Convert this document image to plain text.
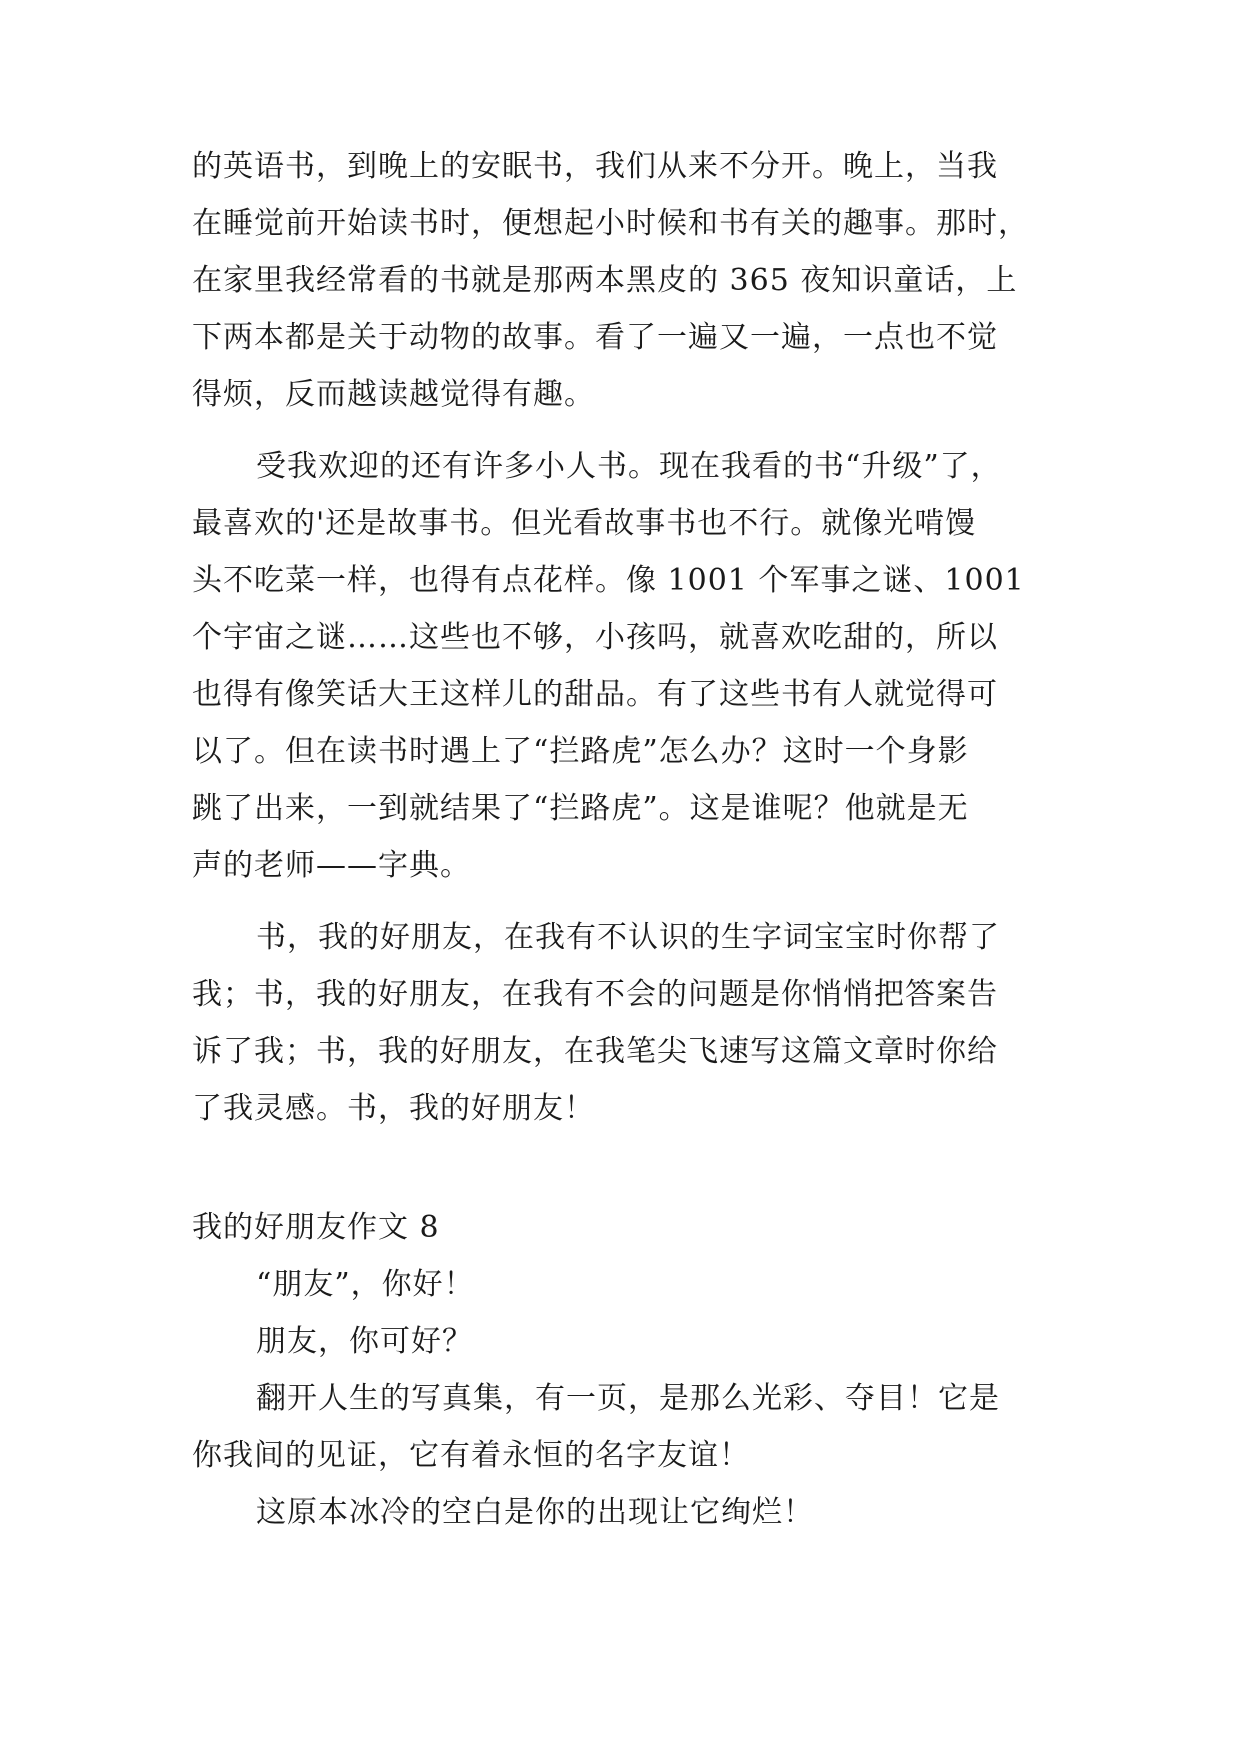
的英语书，到晚上的安眠书，我们从来不分开。晚上，当我
在睡觉前开始读书时，便想起小时候和书有关的趣事。那时，
在家里我经常看的书就是那两本黑皮的 365 夜知识童话，上
下两本都是关于动物的故事。看了一遍又一遍，一点也不觉
得烦，反而越读越觉得有趣。
受我欢迎的还有许多小人书。现在我看的书“升级”了，
最喜欢的'还是故事书。但光看故事书也不行。就像光啃馒
头不吃菜一样，也得有点花样。像 1001 个军事之谜、1001
个宇宙之谜……这些也不够，小孩吗，就喜欢吃甜的，所以
也得有像笑话大王这样儿的甜品。有了这些书有人就觉得可
以了。但在读书时遇上了“拦路虎”怎么办？这时一个身影
跳了出来，一到就结果了“拦路虎”。这是谁呢？他就是无
声的老师——字典。
书，我的好朋友，在我有不认识的生字词宝宝时你帮了
我；书，我的好朋友，在我有不会的问题是你悄悄把答案告
诉了我；书，我的好朋友，在我笔尖飞速写这篇文章时你给
了我灵感。书，我的好朋友！
我的好朋友作文 8
“朋友”，你好！
朋友，你可好？
翻开人生的写真集，有一页，是那么光彩、夺目！它是
你我间的见证，它有着永恒的名字友谊！
这原本冰冷的空白是你的出现让它绚烂！
